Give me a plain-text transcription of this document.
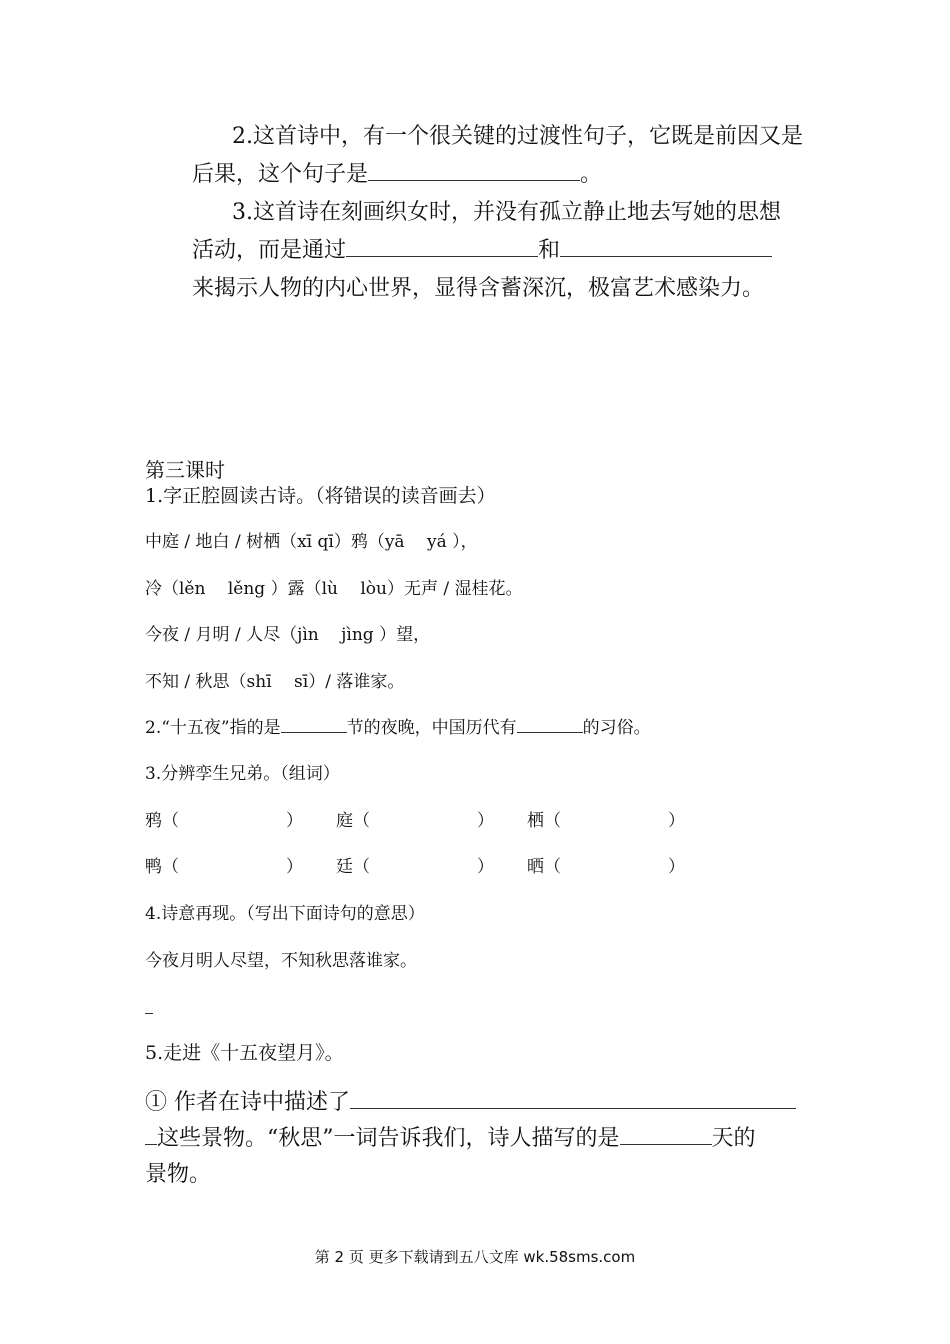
2.这首诗中，有一个很关键的过渡性句子，它既是前因又是
后果，这个句子是	。
3.这首诗在刻画织女时，并没有孤立静止地去写她的思想
活动，而是通过	和
来揭示人物的内心世界，显得含蓄深沉，极富艺术感染力。
第三课时
1.字正腔圆读古诗。（将错误的读音画去）
中庭 / 地白 / 树栖（xī qī）鸦（yā　 yá ），
冷（lěn　 lěng ）露（lù　 lòu）无声 / 湿桂花。
今夜 / 月明 / 人尽（jìn　 jìng ）望，
不知 / 秋思（shī　 sī）/ 落谁家。
2.“十五夜”指的是	节的夜晚，中国历代有	的习俗。
3.分辨孪生兄弟。（组词）
鸦（	） 庭（	） 栖（	）
鸭（	） 廷（	） 晒（	）
4.诗意再现。（写出下面诗句的意思）
今夜月明人尽望，不知秋思落谁家。
5.走进《十五夜望月》。
① 作者在诗中描述了
这些景物。“秋思”一词告诉我们，诗人描写的是	天的
景物。
第 2 页 更多下载请到五八文库 wk.58sms.com
